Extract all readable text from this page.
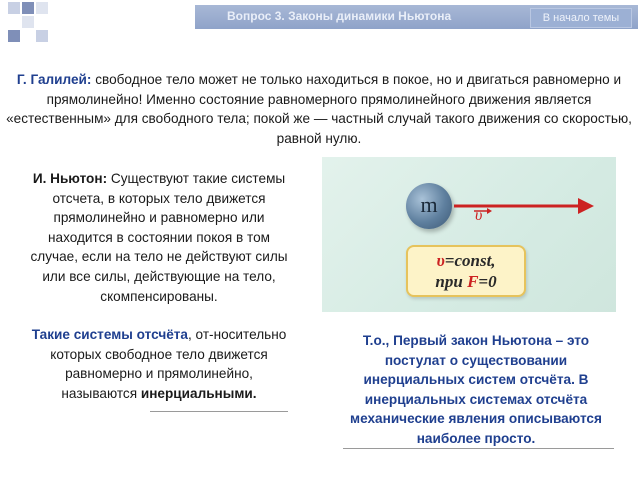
Вопрос 3. Законы динамики Ньютона	В начало темы
Г. Галилей: свободное тело может не только находиться в покое, но и двигаться равномерно и прямолинейно! Именно состояние равномерного прямолинейного движения является «естественным» для свободного тела; покой же — частный случай такого движения со скоростью, равной нулю.
И. Ньютон: Существуют такие системы отсчета, в которых тело движется прямолинейно и равномерно или находится в состоянии покоя в том случае, если на тело не действуют силы или все силы, действующие на тело, скомпенсированы.
Такие системы отсчёта, от-носительно которых свободное тело движется равномерно и прямолинейно, называются инерциальными.
m	υ
υ=const,
при F=0
Т.о., Первый закон Ньютона – это постулат о существовании инерциальных систем отсчёта. В инерциальных системах отсчёта механические явления описываются наиболее просто.
